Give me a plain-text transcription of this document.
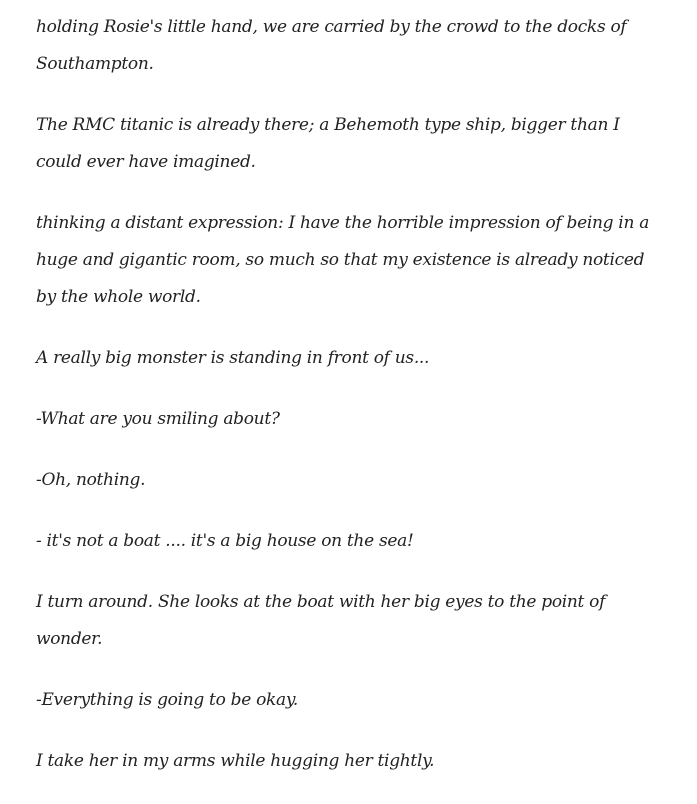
holding Rosie's little hand, we are carried by the crowd to the docks of Southampton.

The RMC titanic is already there; a Behemoth type ship, bigger than I could ever have imagined.

thinking a distant expression: I have the horrible impression of being in a huge and gigantic room, so much so that my existence is already noticed by the whole world.

A really big monster is standing in front of us...

-What are you smiling about?

-Oh, nothing.

- it's not a boat .... it's a big house on the sea!

I turn around. She looks at the boat with her big eyes to the point of wonder.

-Everything is going to be okay.

I take her in my arms while hugging her tightly.
